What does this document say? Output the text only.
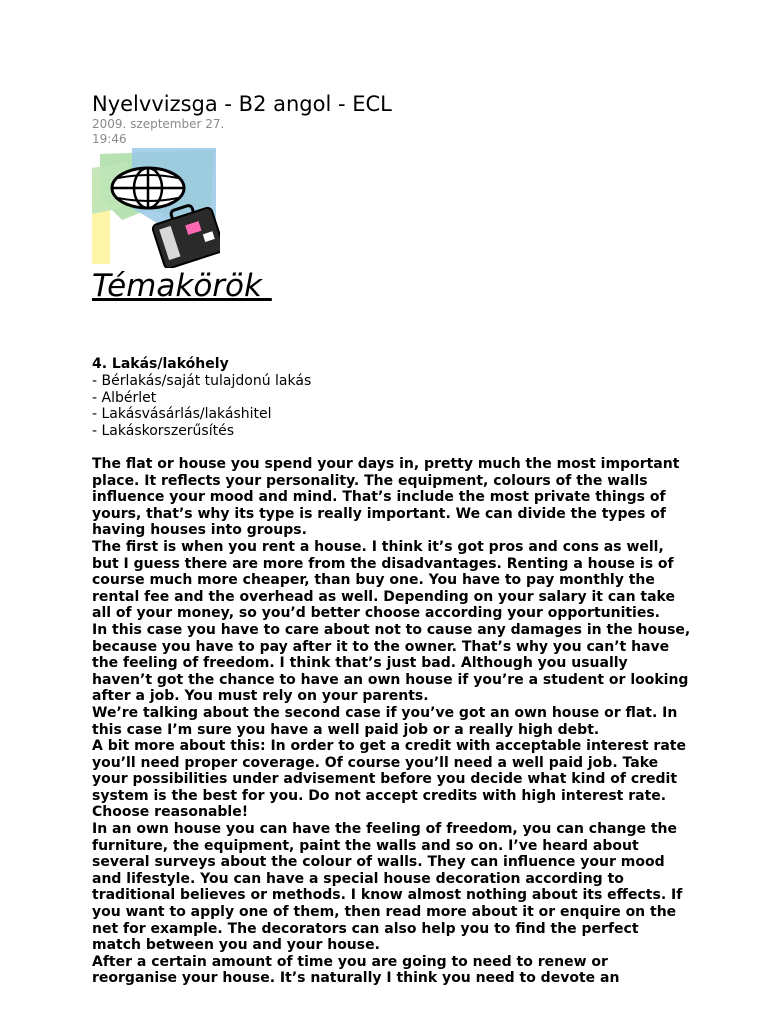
Nyelvvizsga - B2 angol - ECL
2009. szeptember 27.
19:46
Témakörök
4. Lakás/lakóhely
- Bérlakás/saját tulajdonú lakás
- Albérlet
- Lakásvásárlás/lakáshitel
- Lakáskorszerűsítés

The flat or house you spend your days in, pretty much the most important place. It reflects your personality. The equipment, colours of the walls influence your mood and mind. That’s include the most private things of yours, that’s why its type is really important. We can divide the types of having houses into groups.

The first is when you rent a house. I think it’s got pros and cons as well, but I guess there are more from the disadvantages. Renting a house is of course much more cheaper, than buy one. You have to pay monthly the rental fee and the overhead as well. Depending on your salary it can take all of your money, so you’d better choose according your opportunities.

In this case you have to care about not to cause any damages in the house, because you have to pay after it to the owner. That’s why you can’t have the feeling of freedom. I think that’s just bad. Although you usually haven’t got the chance to have an own house if you’re a student or looking after a job. You must rely on your parents.

We’re talking about the second case if you’ve got an own house or flat. In this case I’m sure you have a well paid job or a really high debt.

A bit more about this: In order to get a credit with acceptable interest rate you’ll need proper coverage. Of course you’ll need a well paid job. Take your possibilities under advisement before you decide what kind of credit system is the best for you. Do not accept credits with high interest rate. Choose reasonable!

In an own house you can have the feeling of freedom, you can change the furniture, the equipment, paint the walls and so on. I’ve heard about several surveys about the colour of walls. They can influence your mood and lifestyle. You can have a special house decoration according to traditional believes or methods. I know almost nothing about its effects. If you want to apply one of them, then read more about it or enquire on the net for example. The decorators can also help you to find the perfect match between you and your house.

After a certain amount of time you are going to need to renew or reorganise your house. It’s naturally I think you need to devote an
